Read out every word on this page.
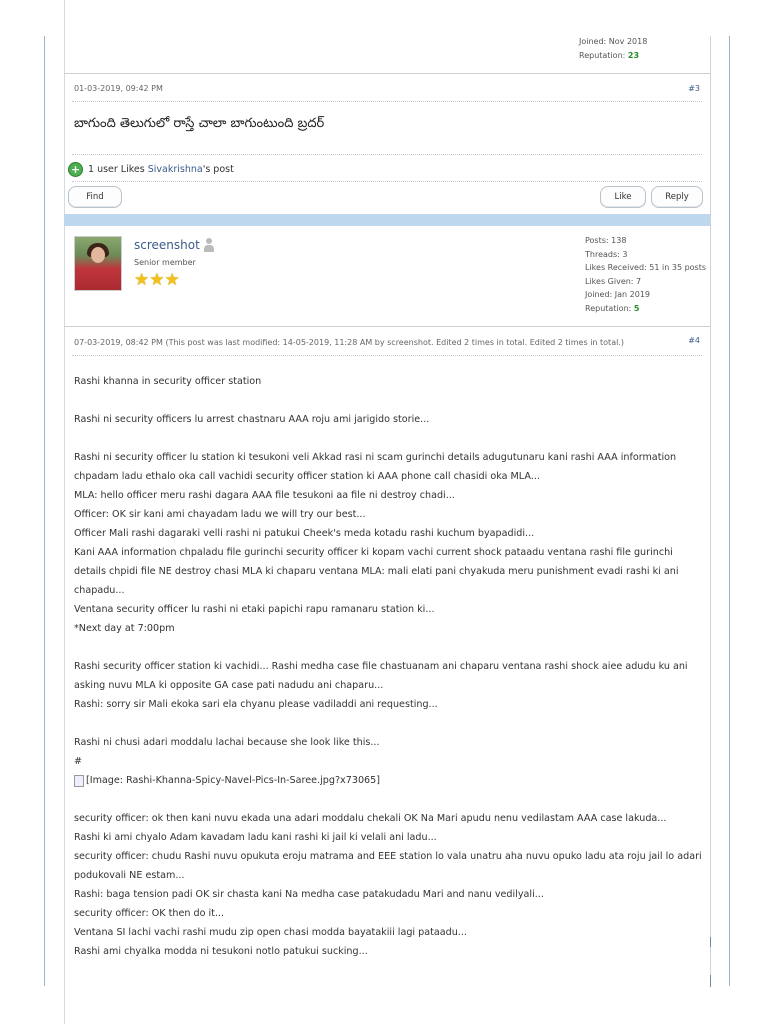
Joined: Nov 2018
Reputation: 23
01-03-2019, 09:42 PM	#3
బాగుంది తెలుగులో రాస్తే చాలా బాగుంటుంది బ్రదర్
+ 1 user Likes Sivakrishna's post
Find	Like	Reply
screenshot
Senior member
★★★
Posts: 138
Threads: 3
Likes Received: 51 in 35 posts
Likes Given: 7
Joined: Jan 2019
Reputation: 5
07-03-2019, 08:42 PM (This post was last modified: 14-05-2019, 11:28 AM by screenshot. Edited 2 times in total. Edited 2 times in total.)	#4

Rashi khanna in security officer station

Rashi ni security officers lu arrest chastnaru AAA roju ami jarigido storie...

Rashi ni security officer lu station ki tesukoni veli Akkad rasi ni scam gurinchi details adugutunaru kani rashi AAA information chpadam ladu ethalo oka call vachidi security officer station ki AAA phone call chasidi oka MLA...

MLA: hello officer meru rashi dagara AAA file tesukoni aa file ni destroy chadi...

Officer: OK sir kani ami chayadam ladu we will try our best...

Officer Mali rashi dagaraki velli rashi ni patukui Cheek's meda kotadu rashi kuchum byapadidi...

Kani AAA information chpaladu file gurinchi security officer ki kopam vachi current shock pataadu ventana rashi file gurinchi details chpidi file NE destroy chasi MLA ki chaparu ventana MLA: mali elati pani chyakuda meru punishment evadi rashi ki ani chapadu...

Ventana security officer lu rashi ni etaki papichi rapu ramanaru station ki...

*Next day at 7:00pm

Rashi security officer station ki vachidi... Rashi medha case file chastuanam ani chaparu ventana rashi shock aiee adudu ku ani asking nuvu MLA ki opposite GA case pati nadudu ani chaparu...

Rashi: sorry sir Mali ekoka sari ela chyanu please vadiladdi ani requesting...

Rashi ni chusi adari moddalu lachai because she look like this...

#

[Image: Rashi-Khanna-Spicy-Navel-Pics-In-Saree.jpg?x73065]

security officer: ok then kani nuvu ekada una adari moddalu chekali OK Na Mari apudu nenu vedilastam AAA case lakuda...

Rashi ki ami chyalo Adam kavadam ladu kani rashi ki jail ki velali ani ladu...

security officer: chudu Rashi nuvu opukuta eroju matrama and EEE station lo vala unatru aha nuvu opuko ladu ata roju jail lo adari podukovali NE estam...

Rashi: baga tension padi OK sir chasta kani Na medha case patakudadu Mari and nanu vedilyali...

security officer: OK then do it...

Ventana SI lachi vachi rashi mudu zip open chasi modda bayatakiii lagi pataadu...

Rashi ami chyalka modda ni tesukoni notlo patukui sucking...
